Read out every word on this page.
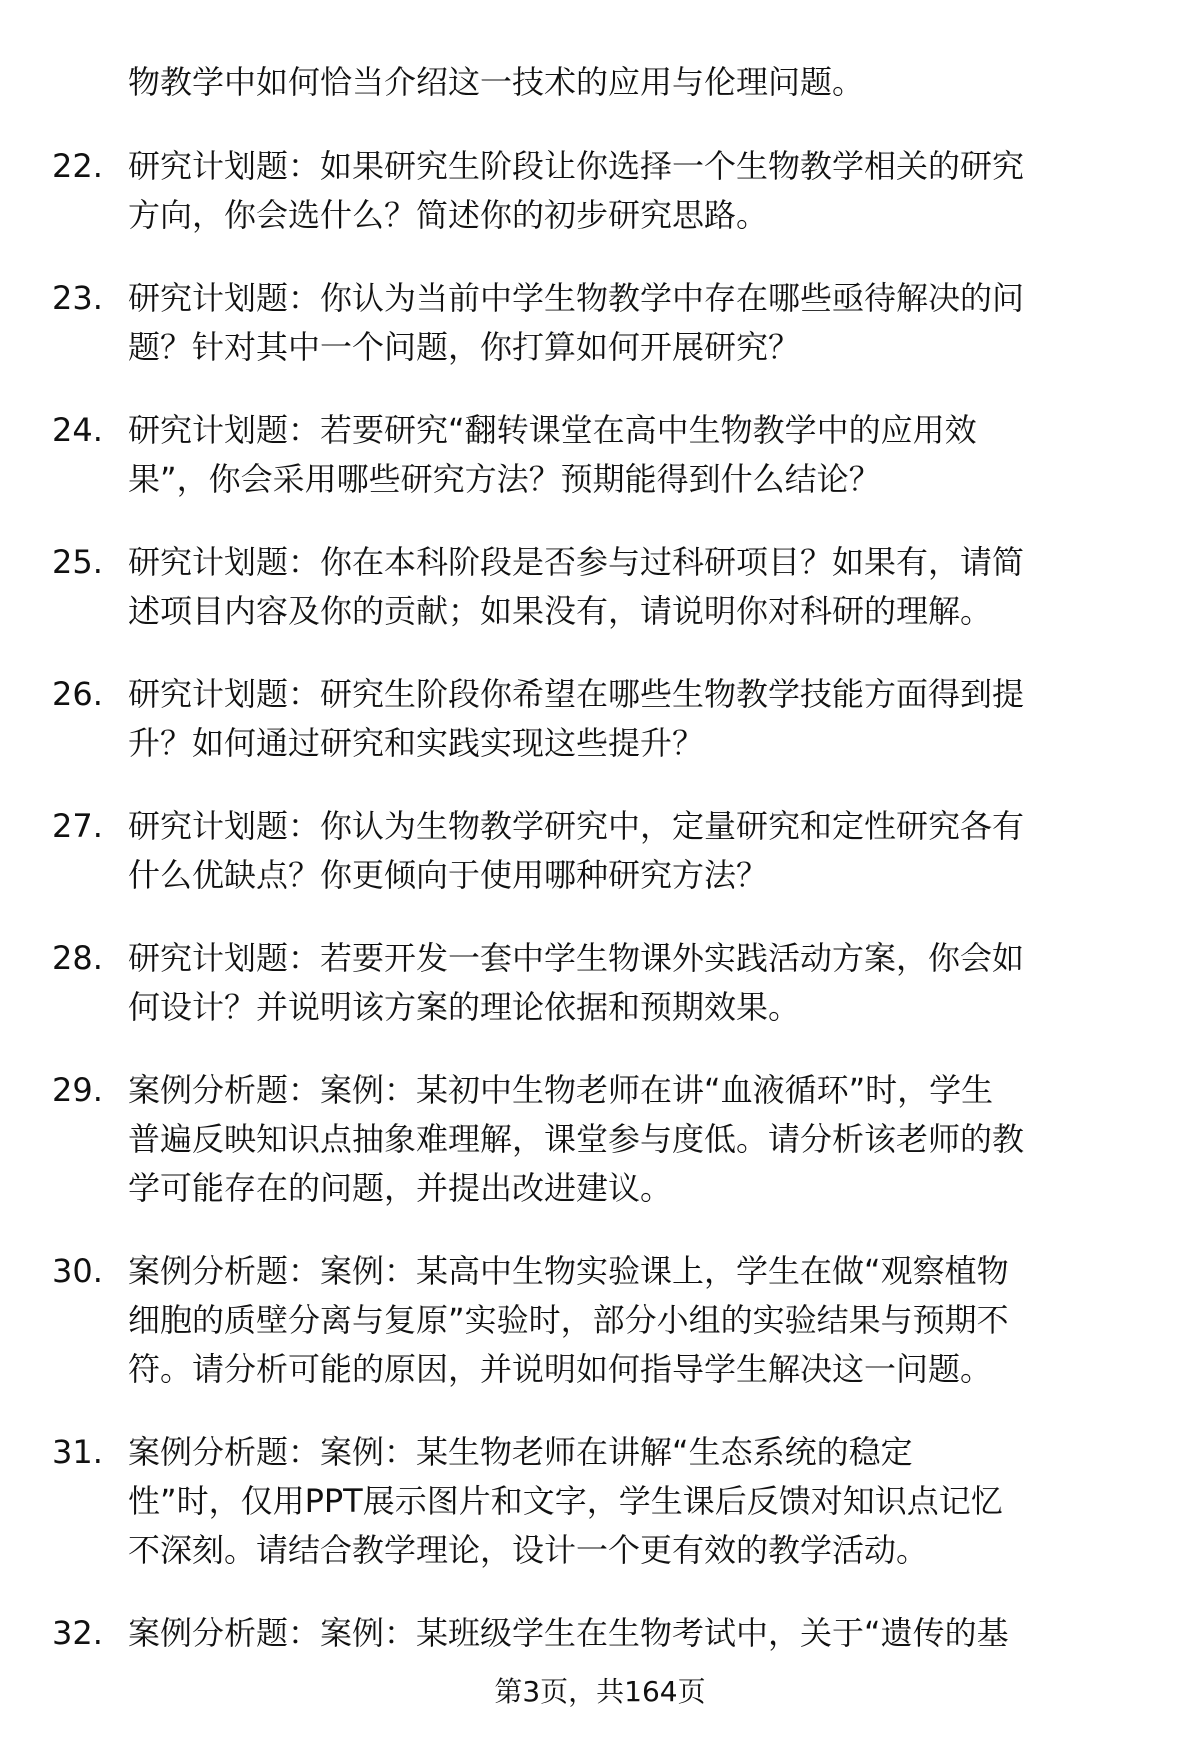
物教学中如何恰当介绍这一技术的应用与伦理问题。
22. 研究计划题：如果研究生阶段让你选择一个生物教学相关的研究
方向，你会选什么？简述你的初步研究思路。
23. 研究计划题：你认为当前中学生物教学中存在哪些亟待解决的问
题？针对其中一个问题，你打算如何开展研究？
24. 研究计划题：若要研究“翻转课堂在高中生物教学中的应用效
果”，你会采用哪些研究方法？预期能得到什么结论？
25. 研究计划题：你在本科阶段是否参与过科研项目？如果有，请简
述项目内容及你的贡献；如果没有，请说明你对科研的理解。
26. 研究计划题：研究生阶段你希望在哪些生物教学技能方面得到提
升？如何通过研究和实践实现这些提升？
27. 研究计划题：你认为生物教学研究中，定量研究和定性研究各有
什么优缺点？你更倾向于使用哪种研究方法？
28. 研究计划题：若要开发一套中学生物课外实践活动方案，你会如
何设计？并说明该方案的理论依据和预期效果。
29. 案例分析题：案例：某初中生物老师在讲“血液循环”时，学生
普遍反映知识点抽象难理解，课堂参与度低。请分析该老师的教
学可能存在的问题，并提出改进建议。
30. 案例分析题：案例：某高中生物实验课上，学生在做“观察植物
细胞的质壁分离与复原”实验时，部分小组的实验结果与预期不
符。请分析可能的原因，并说明如何指导学生解决这一问题。
31. 案例分析题：案例：某生物老师在讲解“生态系统的稳定
性”时，仅用PPT展示图片和文字，学生课后反馈对知识点记忆
不深刻。请结合教学理论，设计一个更有效的教学活动。
32. 案例分析题：案例：某班级学生在生物考试中，关于“遗传的基
第3页，共164页
